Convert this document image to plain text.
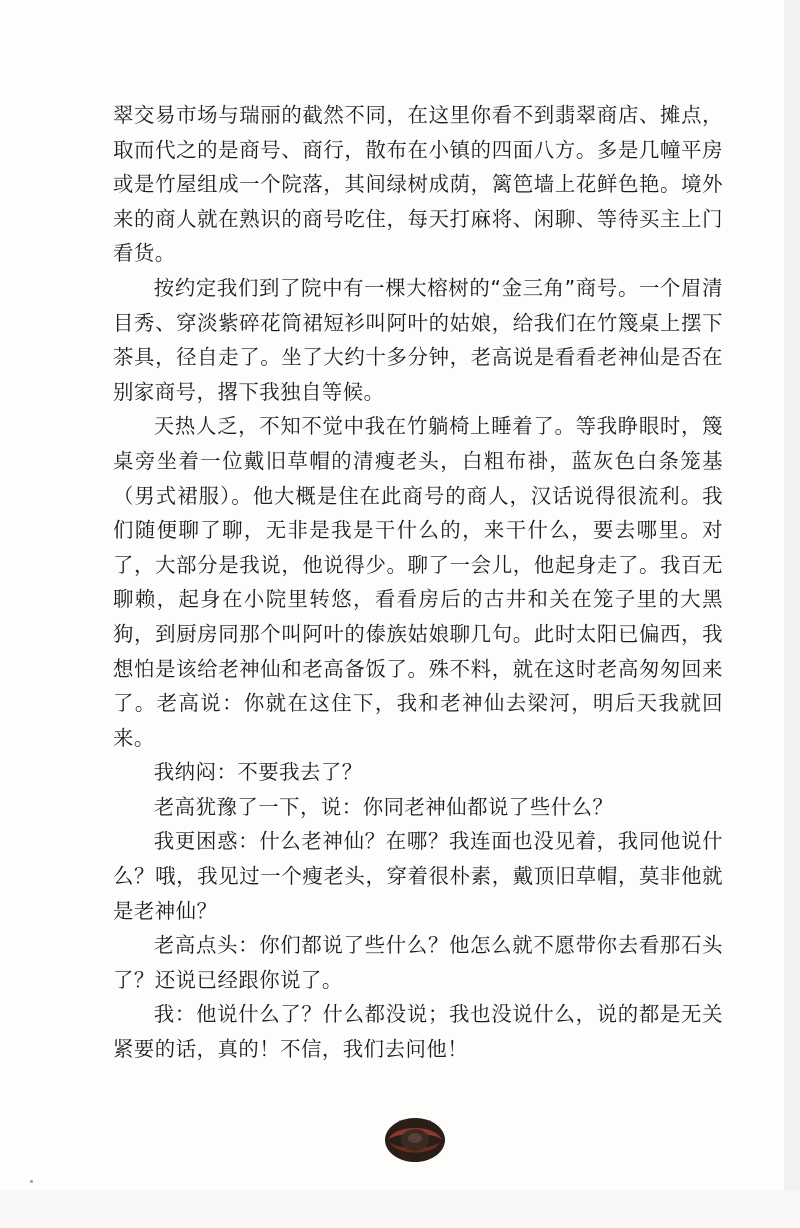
翠交易市场与瑞丽的截然不同，在这里你看不到翡翠商店、摊点，取而代之的是商号、商行，散布在小镇的四面八方。多是几幢平房或是竹屋组成一个院落，其间绿树成荫，篱笆墙上花鲜色艳。境外来的商人就在熟识的商号吃住，每天打麻将、闲聊、等待买主上门看货。

按约定我们到了院中有一棵大榕树的“金三角”商号。一个眉清目秀、穿淡紫碎花筒裙短衫叫阿叶的姑娘，给我们在竹篾桌上摆下茶具，径自走了。坐了大约十多分钟，老高说是看看老神仙是否在别家商号，撂下我独自等候。

天热人乏，不知不觉中我在竹躺椅上睡着了。等我睁眼时，篾桌旁坐着一位戴旧草帽的清瘦老头，白粗布褂，蓝灰色白条笼基（男式裙服）。他大概是住在此商号的商人，汉话说得很流利。我们随便聊了聊，无非是我是干什么的，来干什么，要去哪里。对了，大部分是我说，他说得少。聊了一会儿，他起身走了。我百无聊赖，起身在小院里转悠，看看房后的古井和关在笼子里的大黑狗，到厨房同那个叫阿叶的傣族姑娘聊几句。此时太阳已偏西，我想怕是该给老神仙和老高备饭了。殊不料，就在这时老高匆匆回来了。老高说：你就在这住下，我和老神仙去梁河，明后天我就回来。

我纳闷：不要我去了？

老高犹豫了一下，说：你同老神仙都说了些什么？

我更困惑：什么老神仙？在哪？我连面也没见着，我同他说什么？哦，我见过一个瘦老头，穿着很朴素，戴顶旧草帽，莫非他就是老神仙？

老高点头：你们都说了些什么？他怎么就不愿带你去看那石头了？还说已经跟你说了。

我：他说什么了？什么都没说；我也没说什么，说的都是无关紧要的话，真的！不信，我们去问他！
